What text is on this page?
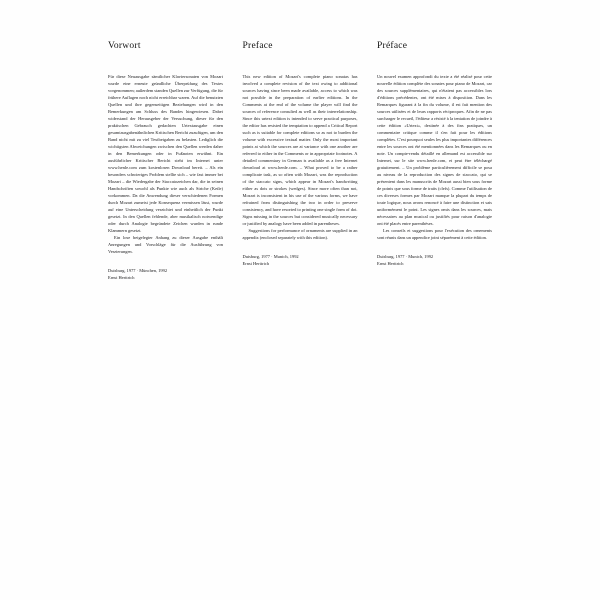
Vorwort

Für diese Neuausgabe sämtlicher Klaviersonaten von Mozart wurde eine erneute gründliche Überprüfung des Textes vorgenommen; außerdem standen Quellen zur Verfügung, die für frühere Auflagen noch nicht erreichbar waren. Auf die benutzten Quellen und ihre gegenseitigen Beziehungen wird in den Bemerkungen am Schluss des Bandes hingewiesen. Dabei widerstand der Herausgeber der Versuchung, dieser für den praktischen Gebrauch gedachten Urtextausgabe einen gesamtausgabenähnlichen Kritischen Bericht zuzufügen, um den Band nicht mit zu viel Textbeigaben zu belasten. Lediglich die wichtigsten Abweichungen zwischen den Quellen werden daher in den Bemerkungen oder in Fußnoten erwähnt. Ein ausführlicher Kritischer Bericht steht im Internet unter www.henle.com zum kostenlosen Download bereit. – Als ein besonders schwieriges Problem stellte sich – wie fast immer bei Mozart – die Wiedergabe der Staccatozeichen dar, die in seinen Handschriften sowohl als Punkte wie auch als Striche (Keile) vorkommen. Da die Anwendung dieser verschiedenen Formen durch Mozart zumeist jede Konsequenz vermissen lässt, wurde auf eine Unterscheidung verzichtet und einheitlich der Punkt gesetzt. In den Quellen fehlende, aber musikalisch notwendige oder durch Analogie begründete Zeichen wurden in runde Klammern gesetzt.

Ein lose beigelegter Anhang zu dieser Ausgabe enthält Anregungen und Vorschläge für die Ausführung von Verzierungen.

Duisburg, 1977 · München, 1992
Ernst Herttrich
Preface

This new edition of Mozart's complete piano sonatas has involved a complete revision of the text owing to additional sources having since been made available, access to which was not possible in the preparation of earlier editions. In the Comments at the end of the volume the player will find the sources of reference consulted as well as their interrelationship. Since this urtext edition is intended to serve practical purposes, the editor has resisted the temptation to append a Critical Report such as is suitable for complete editions so as not to burden the volume with excessive textual matter. Only the most important points at which the sources are at variance with one another are referred to either in the Comments or in appropriate footnotes. A detailed commentary in German is available as a free Internet download at www.henle.com. – What proved to be a rather complicate task, as so often with Mozart, was the reproduction of the staccato signs, which appear in Mozart's handwriting either as dots or strokes (wedges). Since more often than not, Mozart is inconsistent in his use of the various forms, we have refrained from distinguishing the two in order to preserve consistency, and have resorted to printing one single form of dot. Signs missing in the sources but considered musically necessary or justified by analogy have been added in parentheses.

Suggestions for performance of ornaments are supplied in an appendix (enclosed separately with this edition).

Duisburg, 1977 · Munich, 1992
Ernst Herttrich
Préface

Un nouvel examen approfondi du texte a été réalisé pour cette nouvelle édition complète des sonates pour piano de Mozart, car des sources supplémentaires, qui n'étaient pas accessibles lors d'éditions précédentes, ont été mises à disposition. Dans les Remarques figurant à la fin du volume, il est fait mention des sources utilisées et de leurs rapports réciproques. Afin de ne pas surcharger le recueil, l'éditeur a résisté à la tentation de joindre à cette édition «Urtext», destinée à des fins pratiques, un commentaire critique comme il s'en fait pour les éditions complètes. C'est pourquoi seules les plus importantes différences entre les sources ont été mentionnées dans les Remarques ou en note. Un compte-rendu détaillé en allemand est accessible sur Internet, sur le site www.henle.com, et peut être téléchargé gratuitement. – Un problème particulièrement difficile se posa au niveau de la reproduction des signes de staccato, qui se présentent dans les manuscrits de Mozart aussi bien sous forme de points que sous forme de traits (clefs). Comme l'utilisation de ces diverses formes par Mozart manque la plupart du temps de toute logique, nous avons renoncé à faire une distinction et sais uniformément le point. Les signes omis dans les sources, mais nécessaires au plan musical ou justifiés pour raison d'analogie ont été placés entre parenthèses.

Les conseils et suggestions pour l'exécution des ornements sont réunis dans un appendice joint séparément à cette édition.

Duisburg, 1977 · Munich, 1992
Ernst Herttrich
